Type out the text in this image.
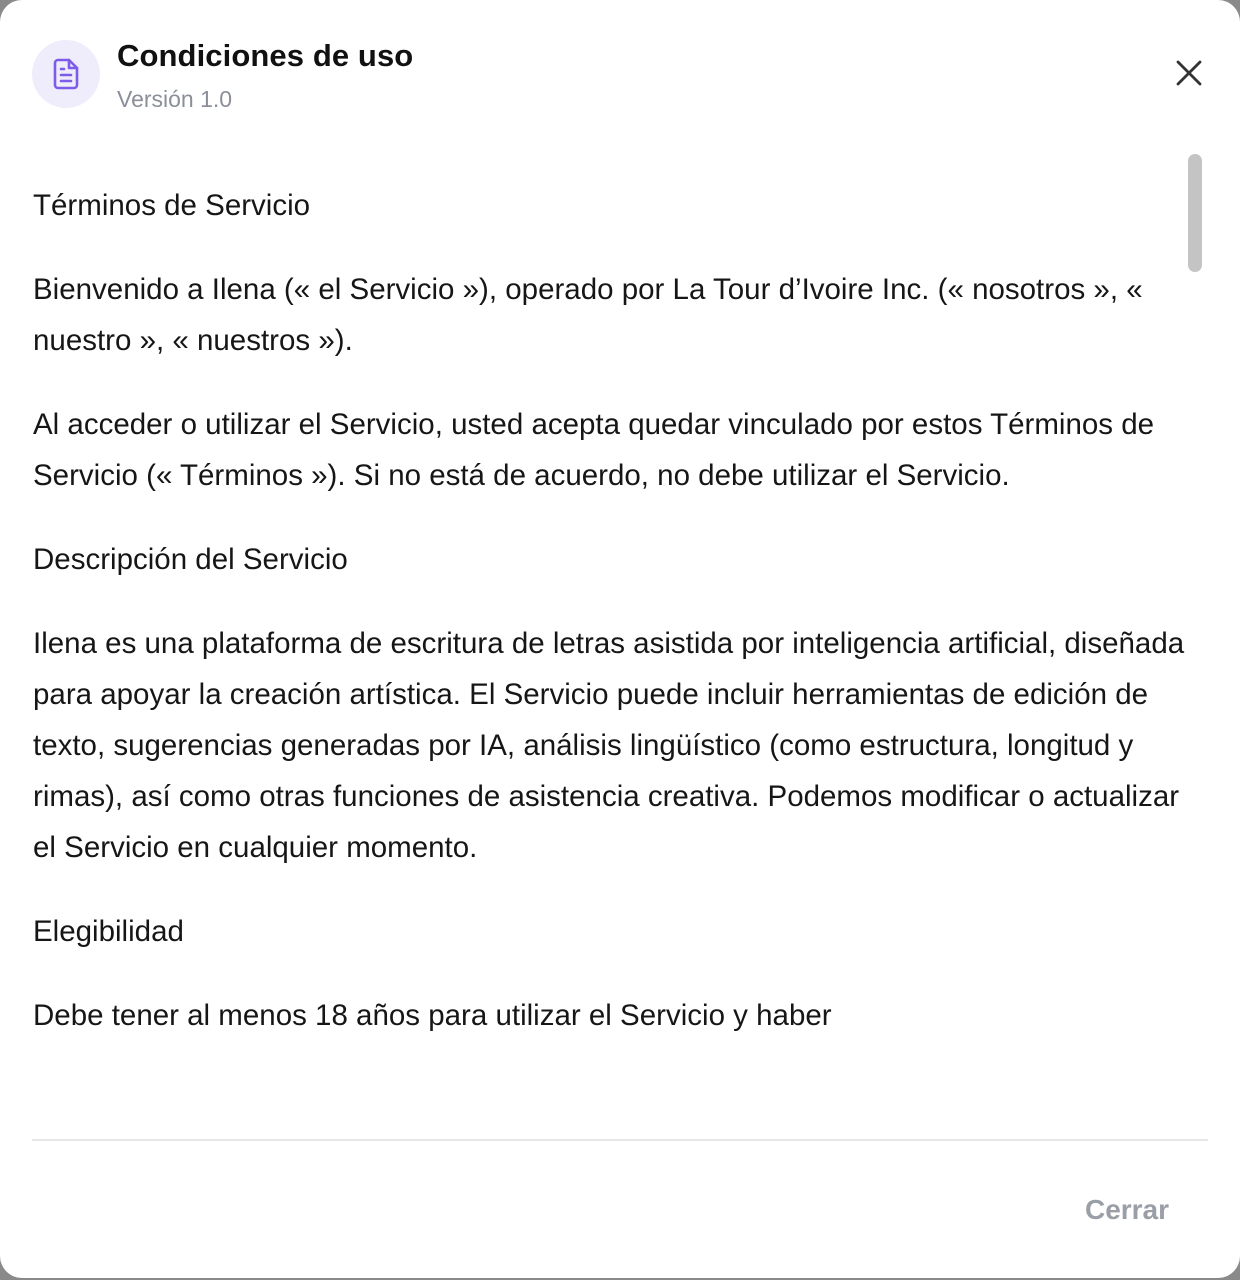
Condiciones de uso
Versión 1.0

Términos de Servicio

Bienvenido a Ilena (« el Servicio »), operado por La Tour d’Ivoire Inc. (« nosotros », « nuestro », « nuestros »).

Al acceder o utilizar el Servicio, usted acepta quedar vinculado por estos Términos de Servicio (« Términos »). Si no está de acuerdo, no debe utilizar el Servicio.

Descripción del Servicio

Ilena es una plataforma de escritura de letras asistida por inteligencia artificial, diseñada para apoyar la creación artística. El Servicio puede incluir herramientas de edición de texto, sugerencias generadas por IA, análisis lingüístico (como estructura, longitud y rimas), así como otras funciones de asistencia creativa. Podemos modificar o actualizar el Servicio en cualquier momento.

Elegibilidad

Debe tener al menos 18 años para utilizar el Servicio y haber

Cerrar
